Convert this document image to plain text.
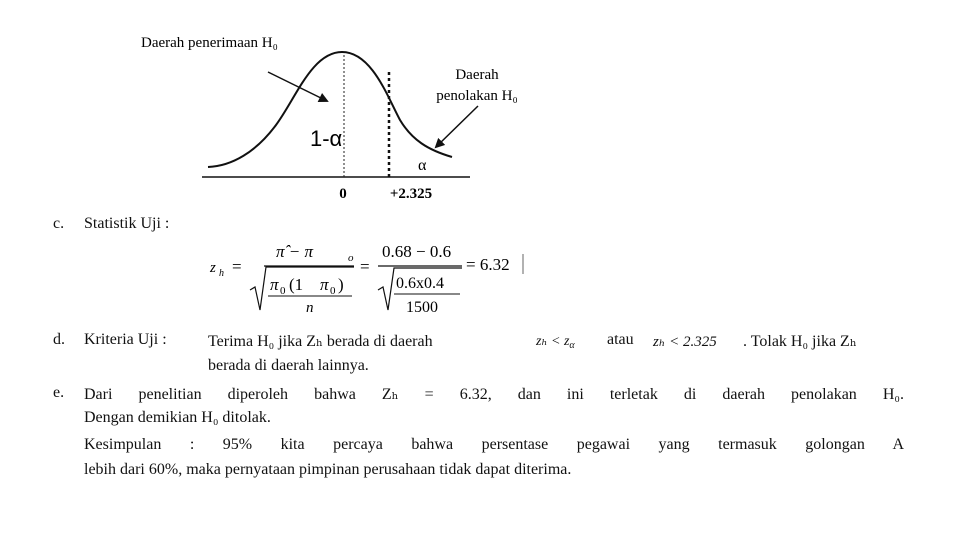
Daerah penerimaan H₀
Daerah
penolakan H₀
1-α
α
0	+2.325
c. Statistik Uji :
z h =
π̂ − π	o
π 0 (1 π 0 )
n
=
0.68 − 0.6
0.6x0.4
1500
= 6.32
d. Kriteria Uji :	Terima H₀ jika Zₕ berada di daerah	$z_h < z_\alpha$ atau zₕ < 2.325 . Tolak H₀ jika Zₕ
berada di daerah lainnya.
e. Dari penelitian diperoleh bahwa Zₕ = 6.32, dan ini terletak di daerah penolakan H₀.
Dengan demikian H₀ ditolak.
Kesimpulan : 95% kita percaya bahwa persentase pegawai yang termasuk golongan A
lebih dari 60%, maka pernyataan pimpinan perusahaan tidak dapat diterima.
